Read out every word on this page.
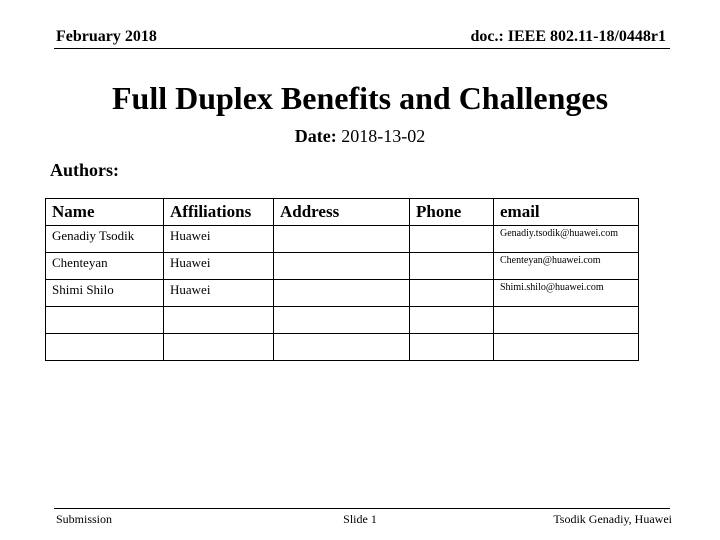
February 2018	doc.: IEEE 802.11-18/0448r1
Full Duplex Benefits and Challenges
Date: 2018-13-02
Authors:
Name	Affiliations	Address	Phone	email
Genadiy Tsodik	Huawei			Genadiy.tsodik@huawei.com
Chenteyan	Huawei			Chenteyan@huawei.com
Shimi Shilo	Huawei			Shimi.shilo@huawei.com

Submission	Slide 1	Tsodik Genadiy, Huawei
